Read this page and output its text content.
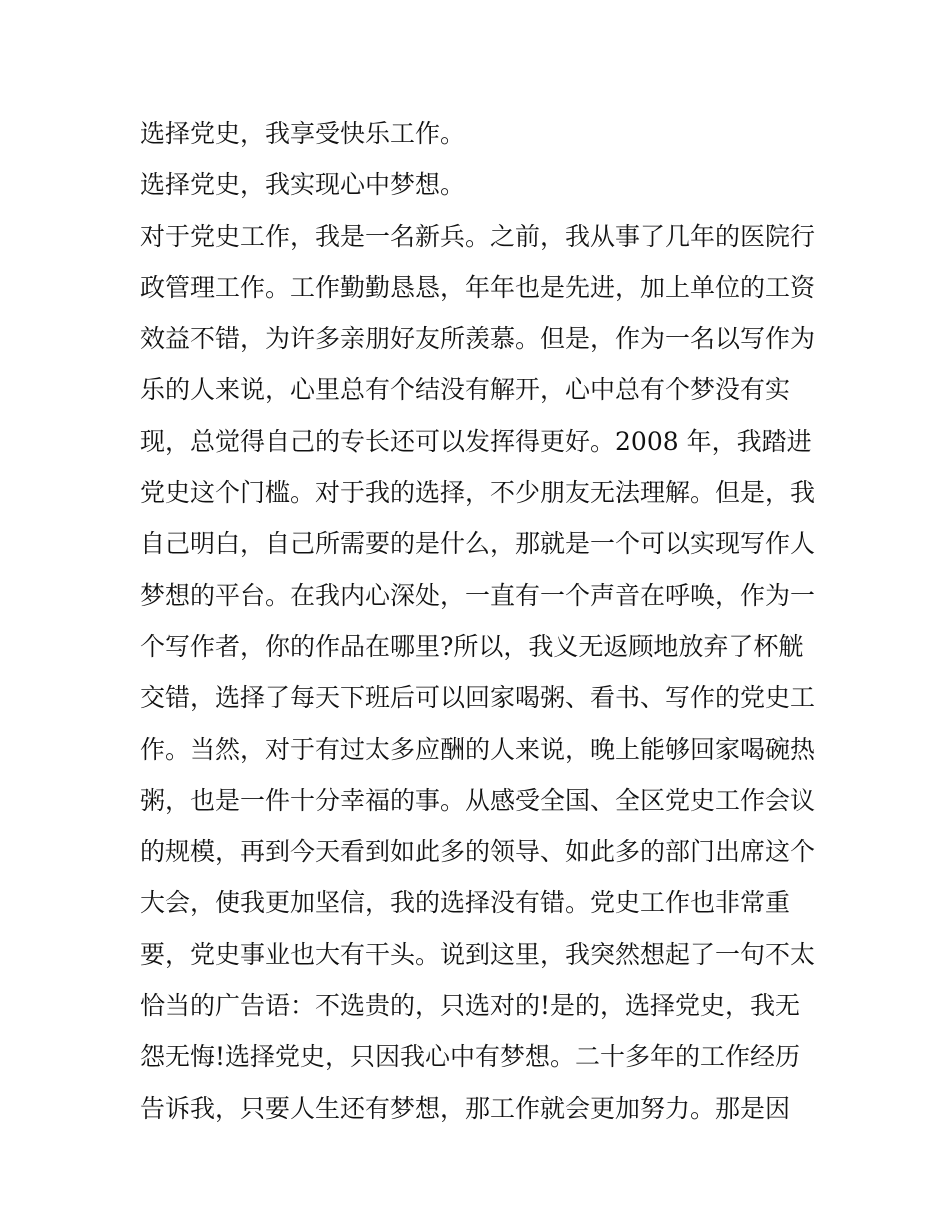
选择党史，我享受快乐工作。
选择党史，我实现心中梦想。
对于党史工作，我是一名新兵。之前，我从事了几年的医院行
政管理工作。工作勤勤恳恳，年年也是先进，加上单位的工资
效益不错，为许多亲朋好友所羡慕。但是，作为一名以写作为
乐的人来说，心里总有个结没有解开，心中总有个梦没有实
现，总觉得自己的专长还可以发挥得更好。2008 年，我踏进
党史这个门槛。对于我的选择，不少朋友无法理解。但是，我
自己明白，自己所需要的是什么，那就是一个可以实现写作人
梦想的平台。在我内心深处，一直有一个声音在呼唤，作为一
个写作者，你的作品在哪里?所以，我义无返顾地放弃了杯觥
交错，选择了每天下班后可以回家喝粥、看书、写作的党史工
作。当然，对于有过太多应酬的人来说，晚上能够回家喝碗热
粥，也是一件十分幸福的事。从感受全国、全区党史工作会议
的规模，再到今天看到如此多的领导、如此多的部门出席这个
大会，使我更加坚信，我的选择没有错。党史工作也非常重
要，党史事业也大有干头。说到这里，我突然想起了一句不太
恰当的广告语：不选贵的，只选对的!是的，选择党史，我无
怨无悔!选择党史，只因我心中有梦想。二十多年的工作经历
告诉我，只要人生还有梦想，那工作就会更加努力。那是因
